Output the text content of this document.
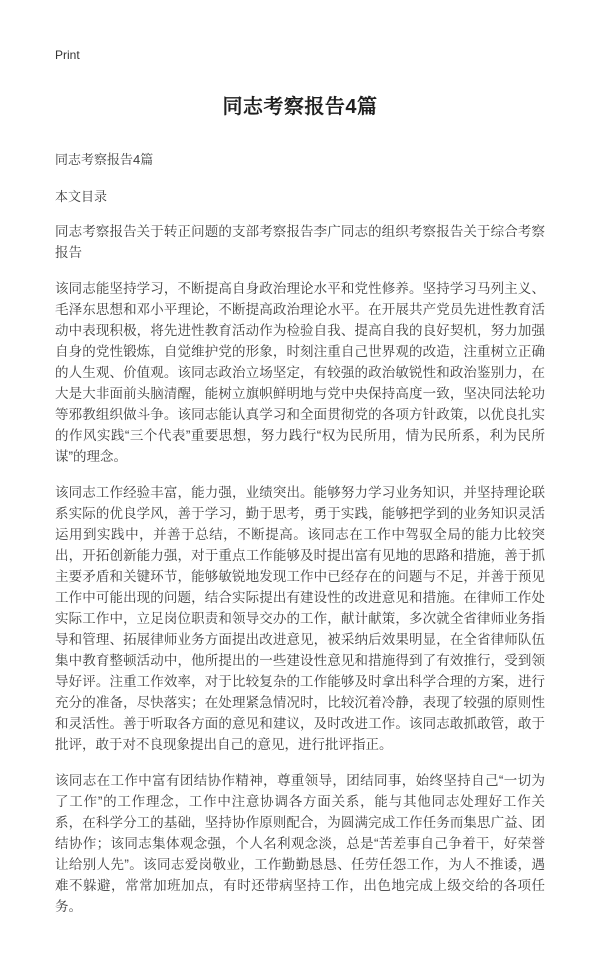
Print
同志考察报告4篇
同志考察报告4篇
本文目录
同志考察报告关于转正问题的支部考察报告李广同志的组织考察报告关于综合考察报告
该同志能坚持学习，不断提高自身政治理论水平和党性修养。坚持学习马列主义、毛泽东思想和邓小平理论，不断提高政治理论水平。在开展共产党员先进性教育活动中表现积极，将先进性教育活动作为检验自我、提高自我的良好契机，努力加强自身的党性锻炼，自觉维护党的形象，时刻注重自己世界观的改造，注重树立正确的人生观、价值观。该同志政治立场坚定，有较强的政治敏锐性和政治鉴别力，在大是大非面前头脑清醒，能树立旗帜鲜明地与党中央保持高度一致，坚决同法轮功等邪教组织做斗争。该同志能认真学习和全面贯彻党的各项方针政策，以优良扎实的作风实践“三个代表”重要思想，努力践行“权为民所用，情为民所系，利为民所谋”的理念。
该同志工作经验丰富，能力强，业绩突出。能够努力学习业务知识，并坚持理论联系实际的优良学风，善于学习，勤于思考，勇于实践，能够把学到的业务知识灵活运用到实践中，并善于总结，不断提高。该同志在工作中驾驭全局的能力比较突出，开拓创新能力强，对于重点工作能够及时提出富有见地的思路和措施，善于抓主要矛盾和关键环节，能够敏锐地发现工作中已经存在的问题与不足，并善于预见工作中可能出现的问题，结合实际提出有建设性的改进意见和措施。在律师工作处实际工作中，立足岗位职责和领导交办的工作，献计献策，多次就全省律师业务指导和管理、拓展律师业务方面提出改进意见，被采纳后效果明显，在全省律师队伍集中教育整顿活动中，他所提出的一些建设性意见和措施得到了有效推行，受到领导好评。注重工作效率，对于比较复杂的工作能够及时拿出科学合理的方案，进行充分的准备，尽快落实；在处理紧急情况时，比较沉着冷静，表现了较强的原则性和灵活性。善于听取各方面的意见和建议，及时改进工作。该同志敢抓敢管，敢于批评，敢于对不良现象提出自己的意见，进行批评指正。
该同志在工作中富有团结协作精神，尊重领导，团结同事，始终坚持自己“一切为了工作”的工作理念，工作中注意协调各方面关系，能与其他同志处理好工作关系，在科学分工的基础，坚持协作原则配合，为圆满完成工作任务而集思广益、团结协作；该同志集体观念强，个人名利观念淡，总是“苦差事自己争着干，好荣誉让给别人先”。该同志爱岗敬业，工作勤勤恳恳、任劳任怨工作，为人不推诿，遇难不躲避，常常加班加点，有时还带病坚持工作，出色地完成上级交给的各项任务。
